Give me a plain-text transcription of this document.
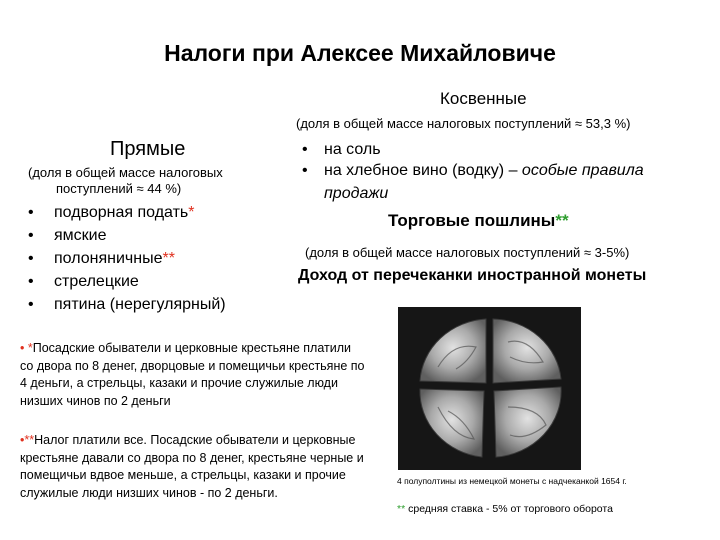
Налоги при Алексее Михайловиче
Косвенные
(доля в общей массе налоговых поступлений ≈ 53,3 %)
• на соль
• на хлебное вино (водку) – особые правила
продажи
Прямые
(доля в общей массе налоговых
поступлений ≈ 44 %)
• подворная подать*
• ямские
• полоняничные**
• стрелецкие
• пятина (нерегулярный)
Торговые пошлины**
(доля в общей массе налоговых поступлений ≈ 3-5%)
Доход от перечеканки иностранной монеты
• *Посадские обыватели и церковные крестьяне платили со двора по 8 денег, дворцовые и помещичьи крестьяне по 4 деньги, а стрельцы, казаки и прочие служилые люди низших чинов по 2 деньги
•**Налог платили все. Посадские обыватели и церковные крестьяне давали со двора по 8 денег, крестьяне черные и помещичьи вдвое меньше, а стрельцы, казаки и прочие служилые люди низших чинов - по 2 деньги.
4 полуполтины из немецкой монеты с надчеканкой 1654 г.
** средняя ставка - 5% от торгового оборота
